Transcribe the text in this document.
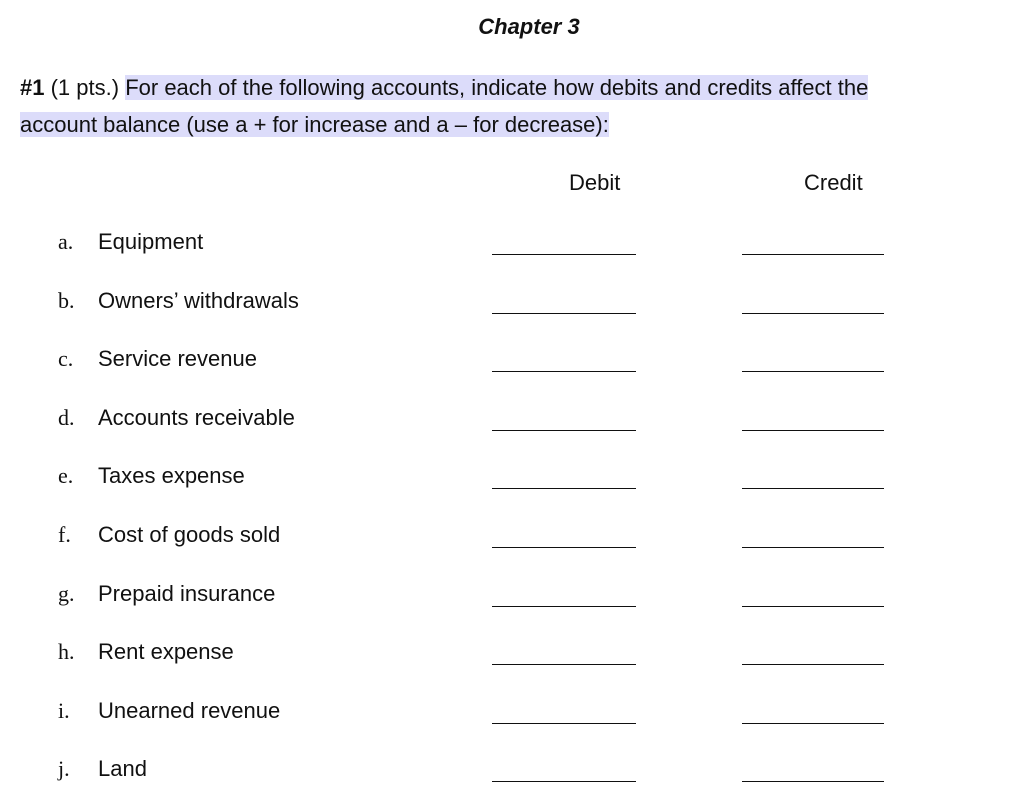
Chapter 3
#1 (1 pts.) For each of the following accounts, indicate how debits and credits affect the
account balance (use a + for increase and a – for decrease):
Debit	Credit
a. Equipment
b. Owners’ withdrawals
c. Service revenue
d. Accounts receivable
e. Taxes expense
f. Cost of goods sold
g. Prepaid insurance
h. Rent expense
i. Unearned revenue
j. Land
